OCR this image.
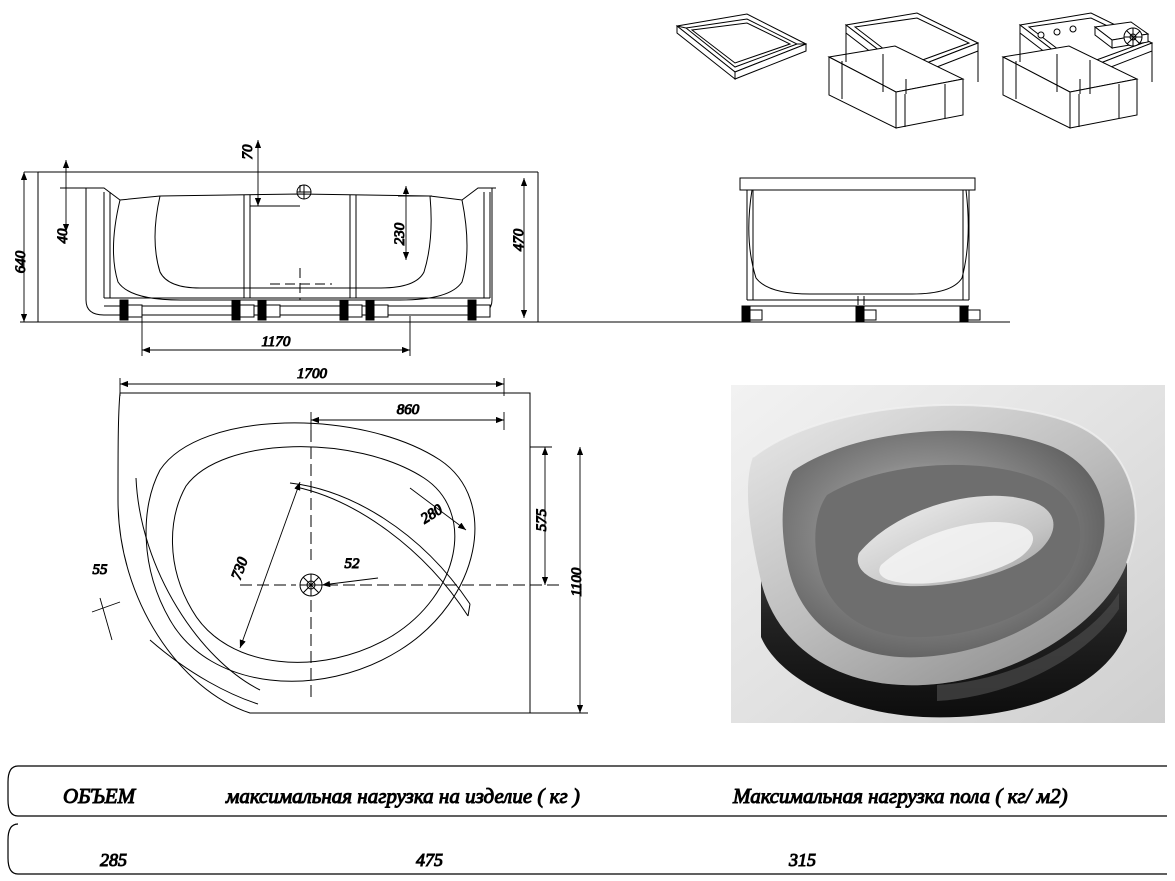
640
40
70
230	470
1170
1700
860
280
730	52
55
575
1100
ОБЪЕМ	максимальная нагрузка на изделие ( кг )	Максимальная нагрузка пола ( кг/ м2)
285	475	315
